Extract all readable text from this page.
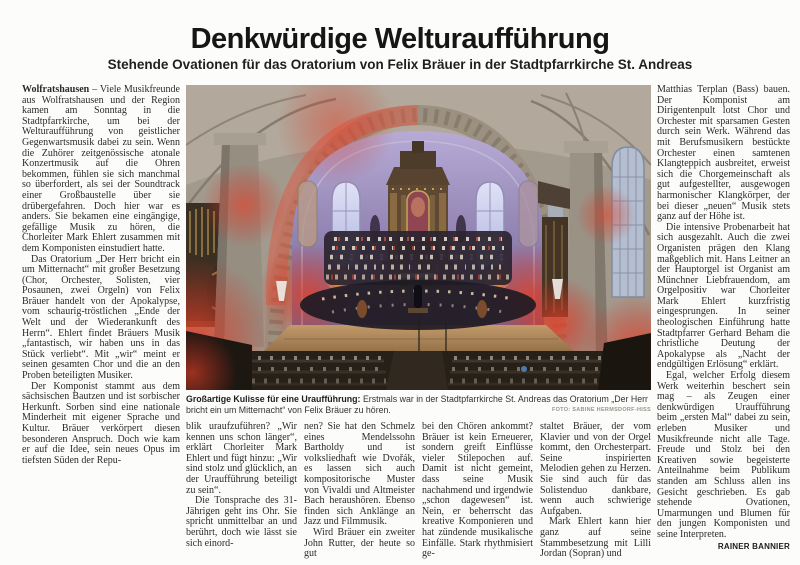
Denkwürdige Welturaufführung
Stehende Ovationen für das Oratorium von Felix Bräuer in der Stadtpfarrkirche St. Andreas

Wolfratshausen – Viele Musikfreunde aus Wolfratshausen und der Region kamen am Sonntag in die Stadtpfarrkirche, um bei der Welturaufführung von geistlicher Gegenwartsmusik dabei zu sein. Wenn die Zuhörer zeitgenössische atonale Konzertmusik auf die Ohren bekommen, fühlen sie sich manchmal so überfordert, als sei der Soundtrack einer Großbaustelle über sie drübergefahren. Doch hier war es anders. Sie bekamen eine eingängige, gefällige Musik zu hören, die Chorleiter Mark Ehlert zusammen mit dem Komponisten einstudiert hatte.

Das Oratorium „Der Herr bricht ein um Mitternacht“ mit großer Besetzung (Chor, Orchester, Solisten, vier Posaunen, zwei Orgeln) von Felix Bräuer handelt von der Apokalypse, vom schaurig-tröstlichen „Ende der Welt und der Wiederankunft des Herrn“. Ehlert findet Bräuers Musik „fantastisch, wir haben uns in das Stück verliebt“. Mit „wir“ meint er seinen gesamten Chor und die an den Proben beteiligten Musiker.

Der Komponist stammt aus dem sächsischen Bautzen und ist sorbischer Herkunft. Sorben sind eine nationale Minderheit mit eigener Sprache und Kultur. Bräuer verkörpert diesen besonderen Anspruch. Doch wie kam er auf die Idee, sein neues Opus im tiefsten Süden der Repu-

Großartige Kulisse für eine Uraufführung: Erstmals war in der Stadtpfarrkirche St. Andreas das Oratorium „Der Herr bricht ein um Mitternacht“ von Felix Bräuer zu hören.	FOTO: SABINE HERMSDORF-HISS

blik uraufzuführen? „Wir kennen uns schon länger“, erklärt Chorleiter Mark Ehlert und fügt hinzu: „Wir sind stolz und glücklich, an der Uraufführung beteiligt zu sein“.

Die Tonsprache des 31-Jährigen geht ins Ohr. Sie spricht unmittelbar an und berührt, doch wie lässt sie sich einord-

nen? Sie hat den Schmelz eines Mendelssohn Bartholdy und ist volksliedhaft wie Dvořák, es lassen sich auch kompositorische Muster von Vivaldi und Altmeister Bach heraushören. Ebenso finden sich Anklänge an Jazz und Filmmusik.

Wird Bräuer ein zweiter John Rutter, der heute so gut

bei den Chören ankommt? Bräuer ist kein Erneuerer, sondern greift Einflüsse vieler Stilepochen auf. Damit ist nicht gemeint, dass seine Musik nachahmend und irgendwie „schon dagewesen“ ist. Nein, er beherrscht das kreative Komponieren und hat zündende musikalische Einfälle. Stark rhythmisiert ge-

staltet Bräuer, der vom Klavier und von der Orgel kommt, den Orchesterpart. Seine inspirierten Melodien gehen zu Herzen. Sie sind auch für das Solistenduo dankbare, wenn auch schwierige Aufgaben.

Mark Ehlert kann hier ganz auf seine Stammbesetzung mit Lilli Jordan (Sopran) und

Matthias Terplan (Bass) bauen. Der Komponist am Dirigentenpult lotst Chor und Orchester mit sparsamen Gesten durch sein Werk. Während das mit Berufsmusikern bestückte Orchester einen samtenen Klangteppich ausbreitet, erweist sich die Chorgemeinschaft als gut aufgestellter, ausgewogen harmonischer Klangkörper, der bei dieser „neuen“ Musik stets ganz auf der Höhe ist.

Die intensive Probenarbeit hat sich ausgezahlt. Auch die zwei Organisten prägen den Klang maßgeblich mit. Hans Leitner an der Hauptorgel ist Organist am Münchner Liebfrauendom, am Orgelpositiv war Chorleiter Mark Ehlert kurzfristig eingesprungen. In seiner theologischen Einführung hatte Stadtpfarrer Gerhard Beham die christliche Deutung der Apokalypse als „Nacht der endgültigen Erlösung“ erklärt.

Egal, welcher Erfolg diesem Werk weiterhin beschert sein mag – als Zeugen einer denkwürdigen Uraufführung beim „ersten Mal“ dabei zu sein, erleben Musiker und Musikfreunde nicht alle Tage. Freude und Stolz bei den Kreativen sowie begeisterte Anteilnahme beim Publikum standen am Schluss allen ins Gesicht geschrieben. Es gab stehende Ovationen, Umarmungen und Blumen für den jungen Komponisten und seine Interpreten.
RAINER BANNIER
